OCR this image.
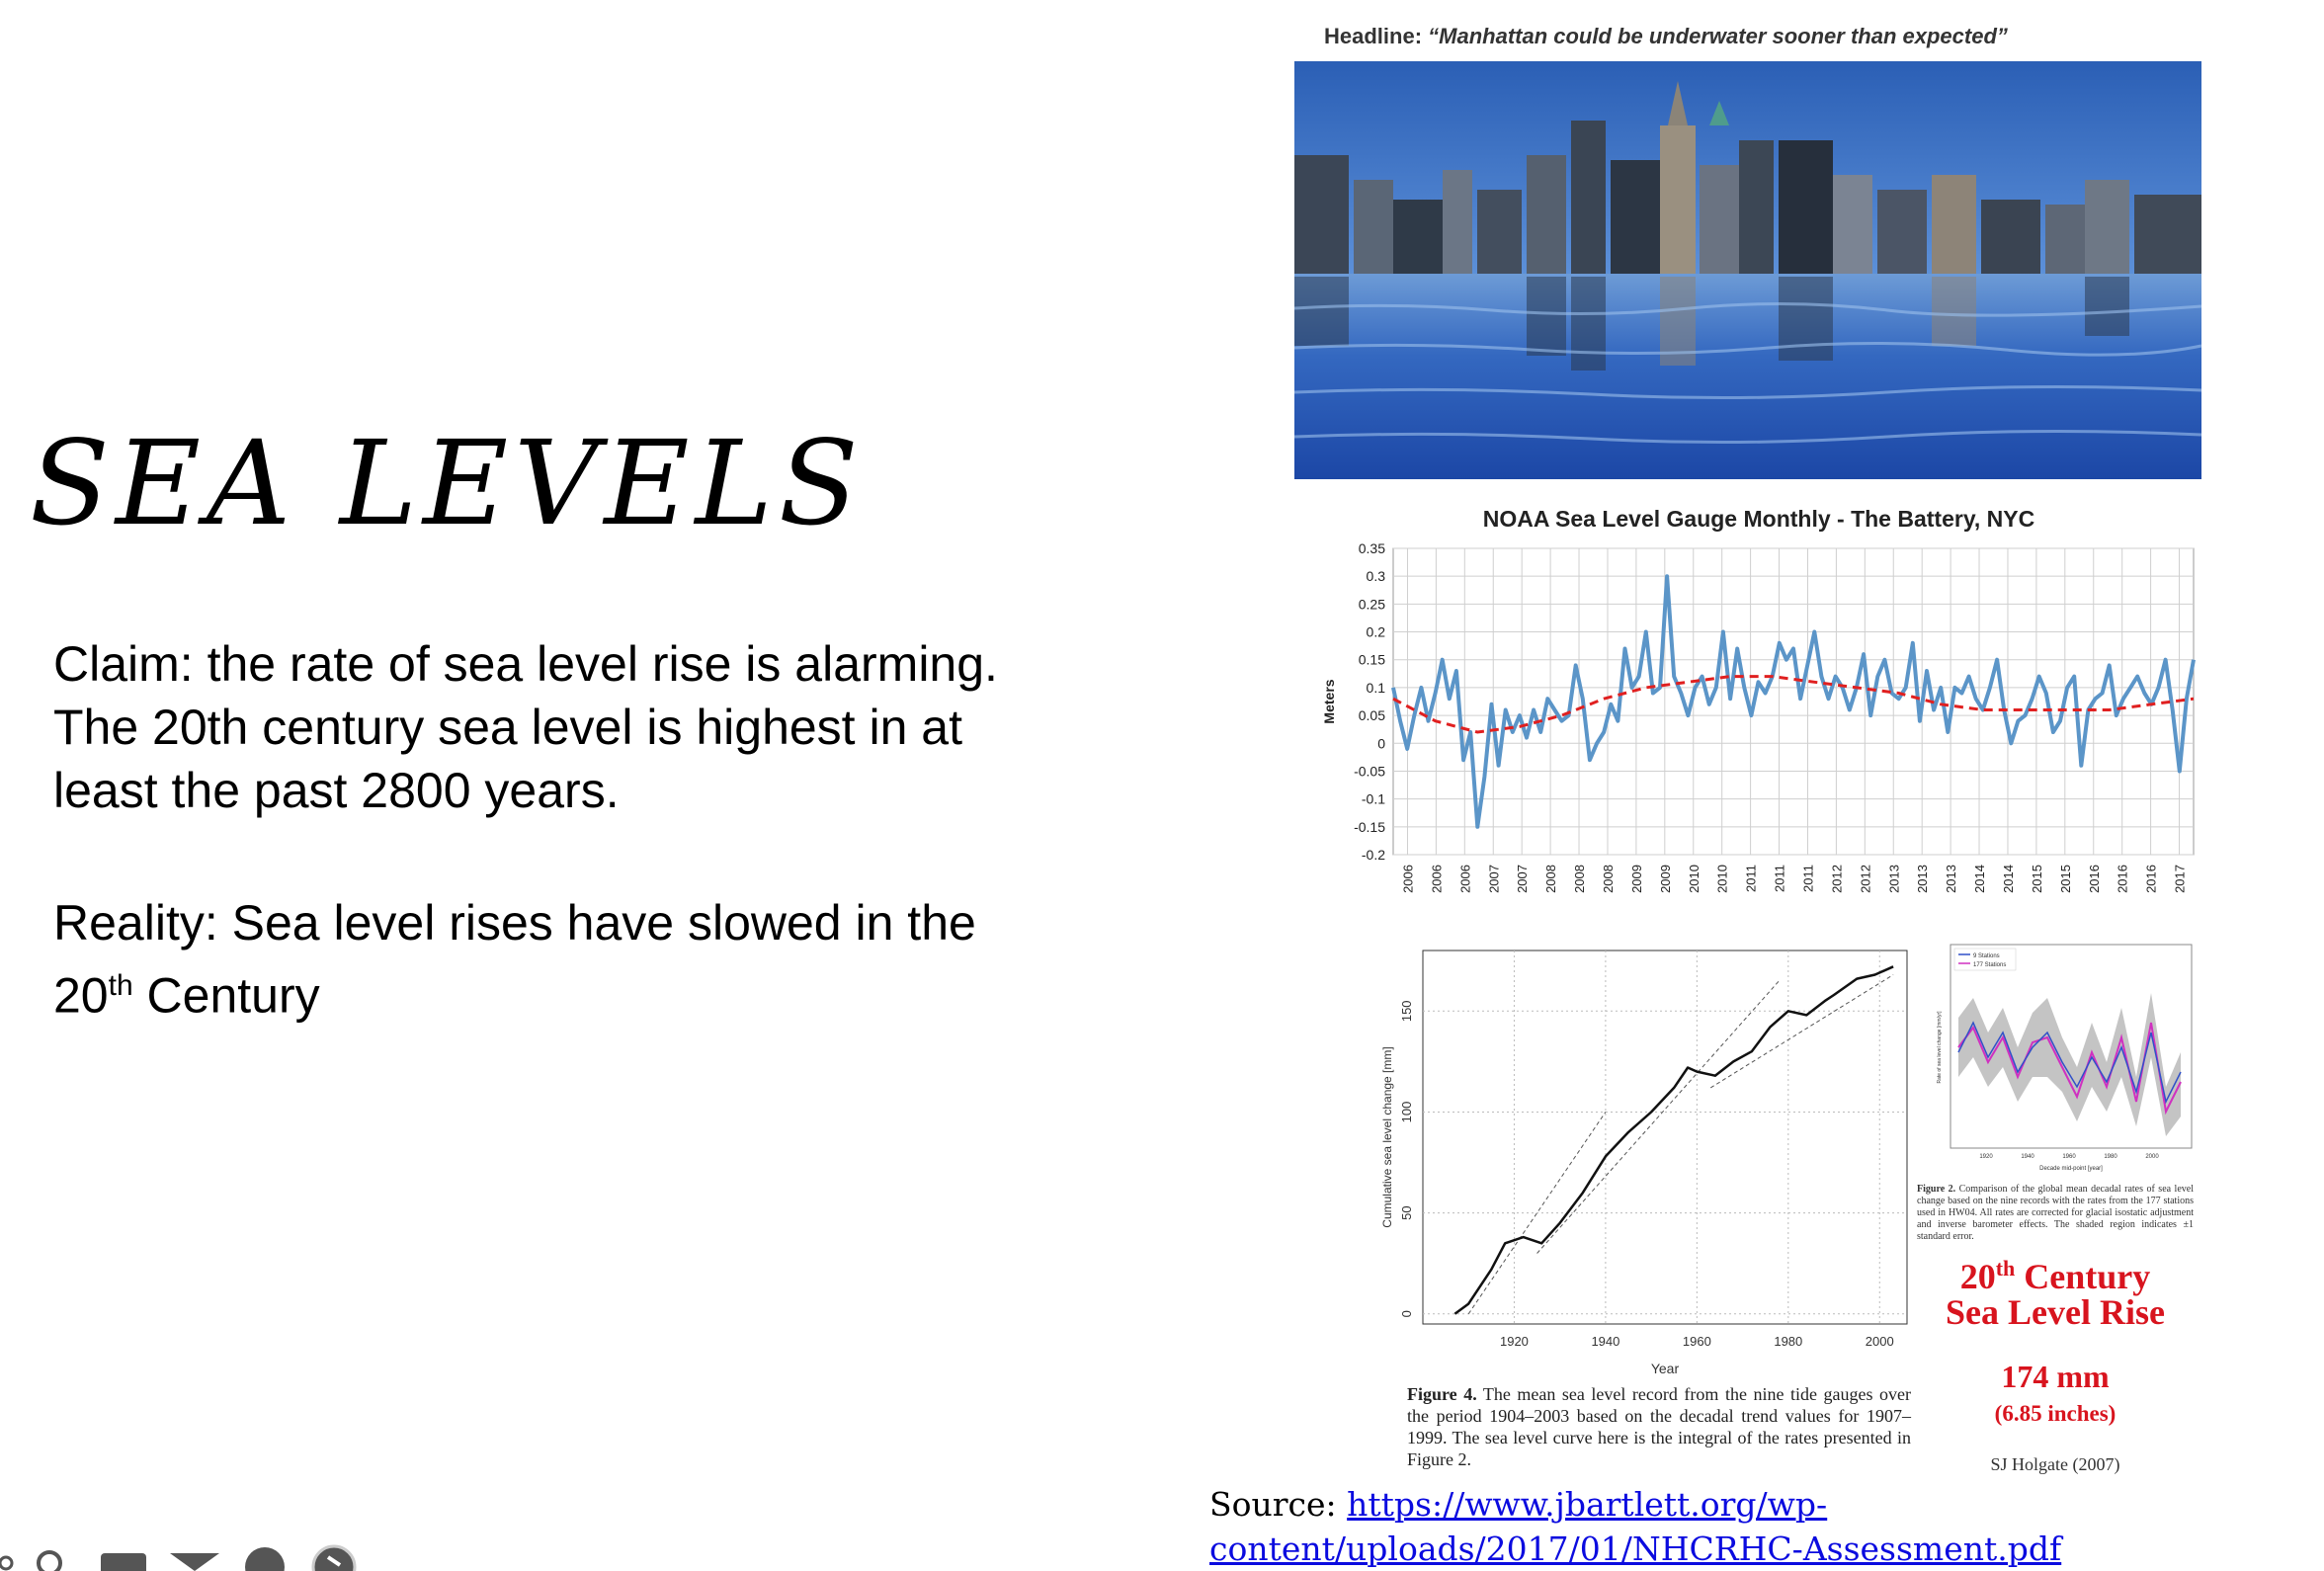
SEA LEVELS
Claim: the rate of sea level rise is alarming. The 20th century sea level is highest in at least the past 2800 years.
Reality: Sea level rises have slowed in the 20th Century
Headline: “Manhattan could be underwater sooner than expected”
NOAA Sea Level Gauge Monthly - The Battery, NYC
0.35
0.3
0.25
0.2
0.15
0.1
0.05
0
-0.05
-0.1
-0.15
-0.2
2006 2006 2006 2007 2007 2008 2008 2008 2009 2009 2010 2010 2011 2011 2011 2012 2012 2013 2013 2013 2014 2014 2015 2015 2016 2016 2016 2017
Meters
1920	1940	1960	1980	2000
0
50
100
150
Year
Cumulative sea level change [mm]
Figure 4. The mean sea level record from the nine tide gauges over the period 1904–2003 based on the decadal trend values for 1907–1999. The sea level curve here is the integral of the rates presented in Figure 2.
9 Stations
177 Stations
1920	1940	1960	1980	2000
Decade mid-point [year]
Rate of sea level change [mm/yr]
Figure 2. Comparison of the global mean decadal rates of sea level change based on the nine records with the rates from the 177 stations used in HW04. All rates are corrected for glacial isostatic adjustment and inverse barometer effects. The shaded region indicates ±1 standard error.
20th Century
Sea Level Rise
174 mm
(6.85 inches)
SJ Holgate (2007)
Source: https://www.jbartlett.org/wp-content/uploads/2017/01/NHCRHC-Assessment.pdf
